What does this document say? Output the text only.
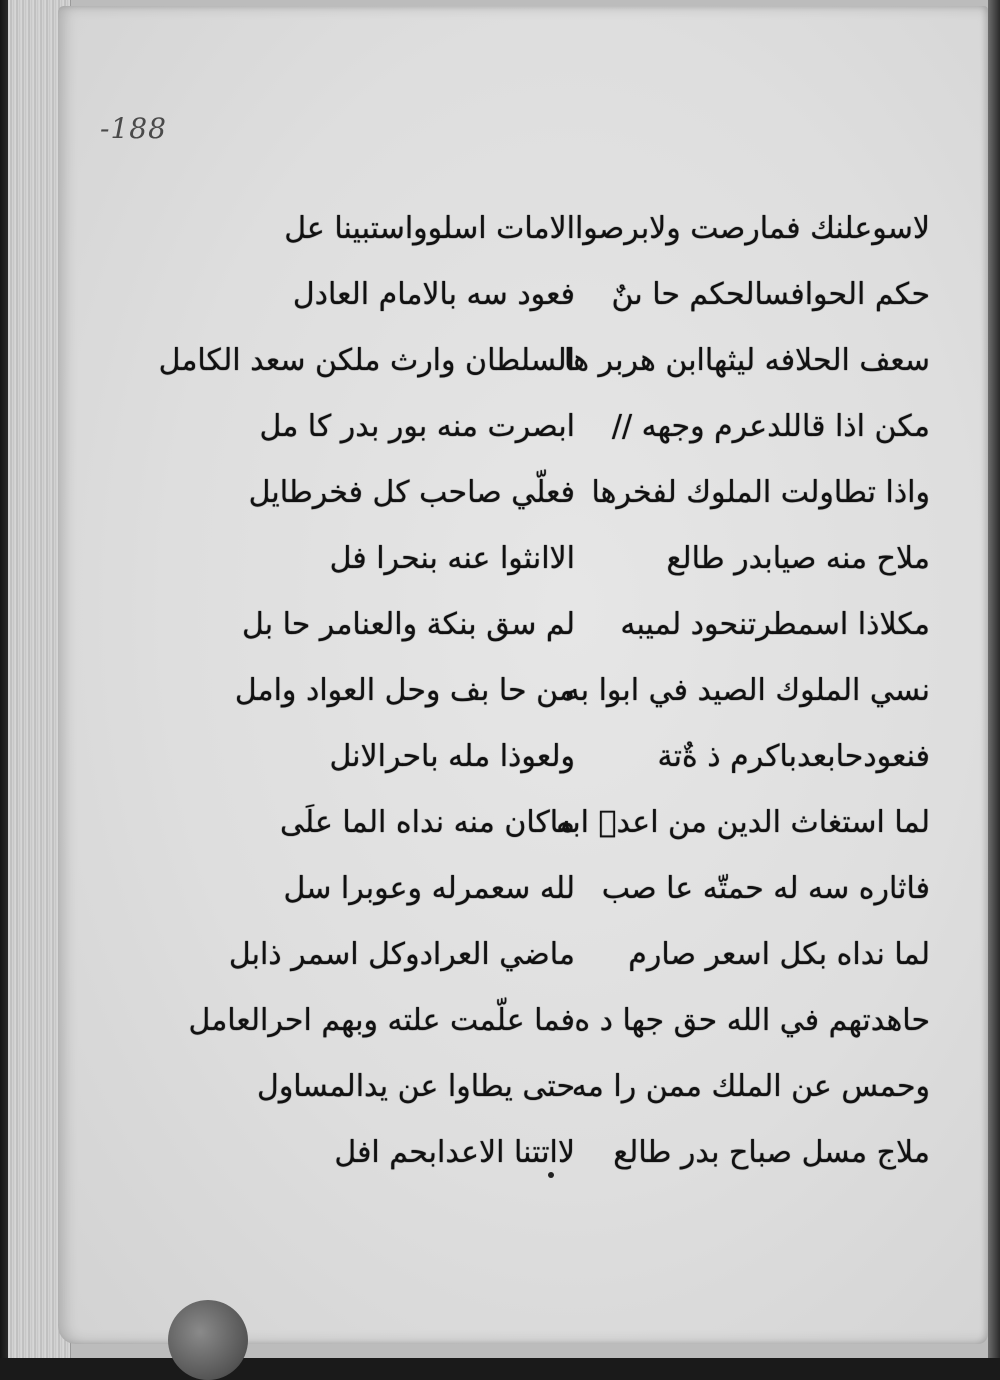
-188
لاسوعلنك فمارصت ولابرصوا
حكم الحوافسالحكم حا ٮنٌ
سعف الحلافه ليثهاابن هربر ها
مكن اذا قاللدعرم وجهه //
واذا تطاولت الملوك لفخرها
ملاح منه صيابدر طالع
مكلاذا اسمطرتنحود لميبه
نسي الملوك الصيد في ابوا به
فنعودحابعدباكرم ذ ةٌتة
لما استغاث الدين من اعدٖ ابه
فاثاره سه له حمتّه عا صب
لما نداه بكل اسعر صارم
حاهدتهم في الله حق جها د ه
وحمس عن الملك ممن را مه
ملاج مسل صباح بدر طالع
الامات اسلوواستبينا عل
فعود سه بالامام العادل
السلطان وارث ملكن سعد الكامل
ابصرت منه بور بدر كا مل
فعلّي صاحب كل فخرطايل
الاانثوا عنه بنحرا فل
لم سق بنكة والعنامر حا بل
من حا بف وحل العواد وامل
ولعوذا مله باحرالانل
ماكان منه نداه الما علَى
لله سعمرله وعوبرا سل
ماضي العرادوكل اسمر ذابل
فما علّمت علته وبهم احرالعامل
حتى يطاوا عن يدالمساول
لااتتنا الاعدابحم افل
